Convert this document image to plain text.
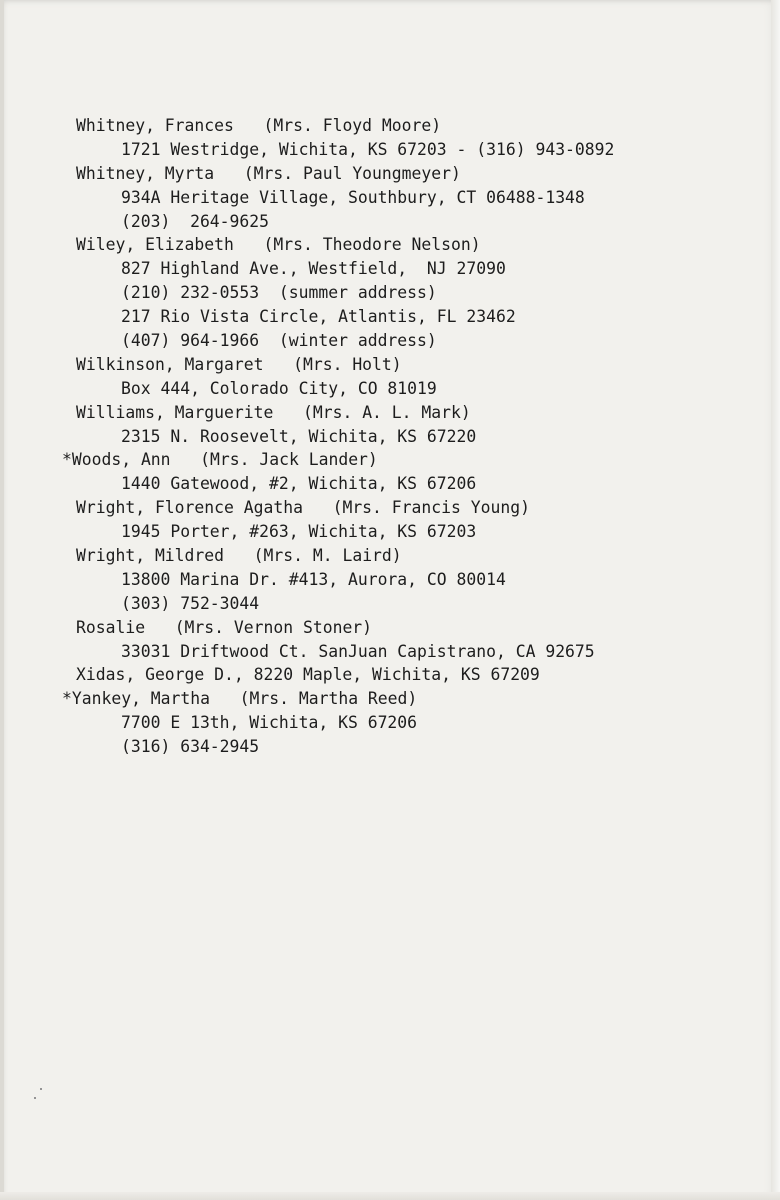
Whitney, Frances (Mrs. Floyd Moore)
1721 Westridge, Wichita, KS 67203 - (316) 943-0892
Whitney, Myrta (Mrs. Paul Youngmeyer)
934A Heritage Village, Southbury, CT 06488-1348
(203)  264-9625
Wiley, Elizabeth (Mrs. Theodore Nelson)
827 Highland Ave., Westfield,  NJ 27090
(210) 232-0553  (summer address)
217 Rio Vista Circle, Atlantis, FL 23462
(407) 964-1966  (winter address)
Wilkinson, Margaret (Mrs. Holt)
Box 444, Colorado City, CO 81019
Williams, Marguerite (Mrs. A. L. Mark)
2315 N. Roosevelt, Wichita, KS 67220
*Woods, Ann (Mrs. Jack Lander)
1440 Gatewood, #2, Wichita, KS 67206
Wright, Florence Agatha (Mrs. Francis Young)
1945 Porter, #263, Wichita, KS 67203
Wright, Mildred (Mrs. M. Laird)
13800 Marina Dr. #413, Aurora, CO 80014
(303) 752-3044
Rosalie (Mrs. Vernon Stoner)
33031 Driftwood Ct. SanJuan Capistrano, CA 92675
Xidas, George D., 8220 Maple, Wichita, KS 67209
*Yankey, Martha (Mrs. Martha Reed)
7700 E 13th, Wichita, KS 67206
(316) 634-2945
